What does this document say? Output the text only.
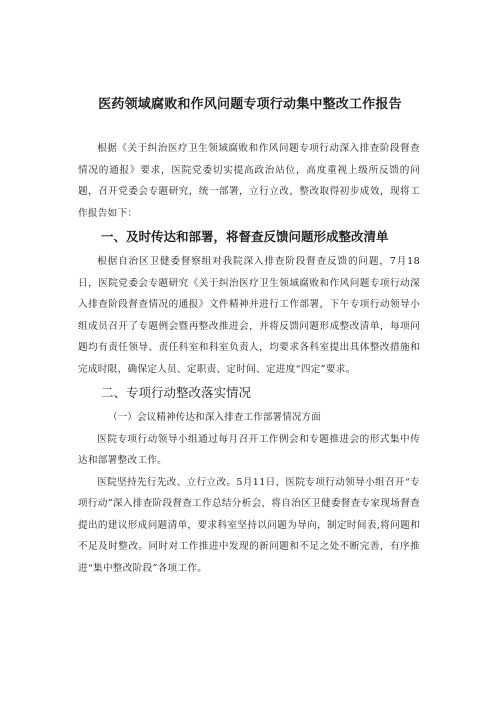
医药领域腐败和作风问题专项行动集中整改工作报告

根据《关于纠治医疗卫生领域腐败和作风问题专项行动深入排查阶段督查情况的通报》要求，医院党委切实提高政治站位，高度重视上级所反馈的问题，召开党委会专题研究，统一部署，立行立改，整改取得初步成效，现将工作报告如下：

一、及时传达和部署，将督查反馈问题形成整改清单

根据自治区卫健委督察组对我院深入排查阶段督查反馈的问题，7月18日，医院党委会专题研究《关于纠治医疗卫生领域腐败和作风问题专项行动深入排查阶段督查情况的通报》文件精神并进行工作部署，下午专项行动领导小组成员召开了专题例会暨再整改推进会，并将反馈问题形成整改清单，每项问题均有责任领导、责任科室和科室负责人，均要求各科室提出具体整改措施和完成时限，确保定人员、定职责、定时间、定进度“四定”要求。

二、专项行动整改落实情况

（一）会议精神传达和深入排查工作部署情况方面

医院专项行动领导小组通过每月召开工作例会和专题推进会的形式集中传达和部署整改工作。

医院坚持先行先改、立行立改。5月11日，医院专项行动领导小组召开“专项行动”深入排查阶段督查工作总结分析会，将自治区卫健委督查专家现场督查提出的建议形成问题清单，要求科室坚持以问题为导向，制定时间表,将问题和不足及时整改。同时对工作推进中发现的新问题和不足之处不断完善，有序推进“集中整改阶段”各项工作。
